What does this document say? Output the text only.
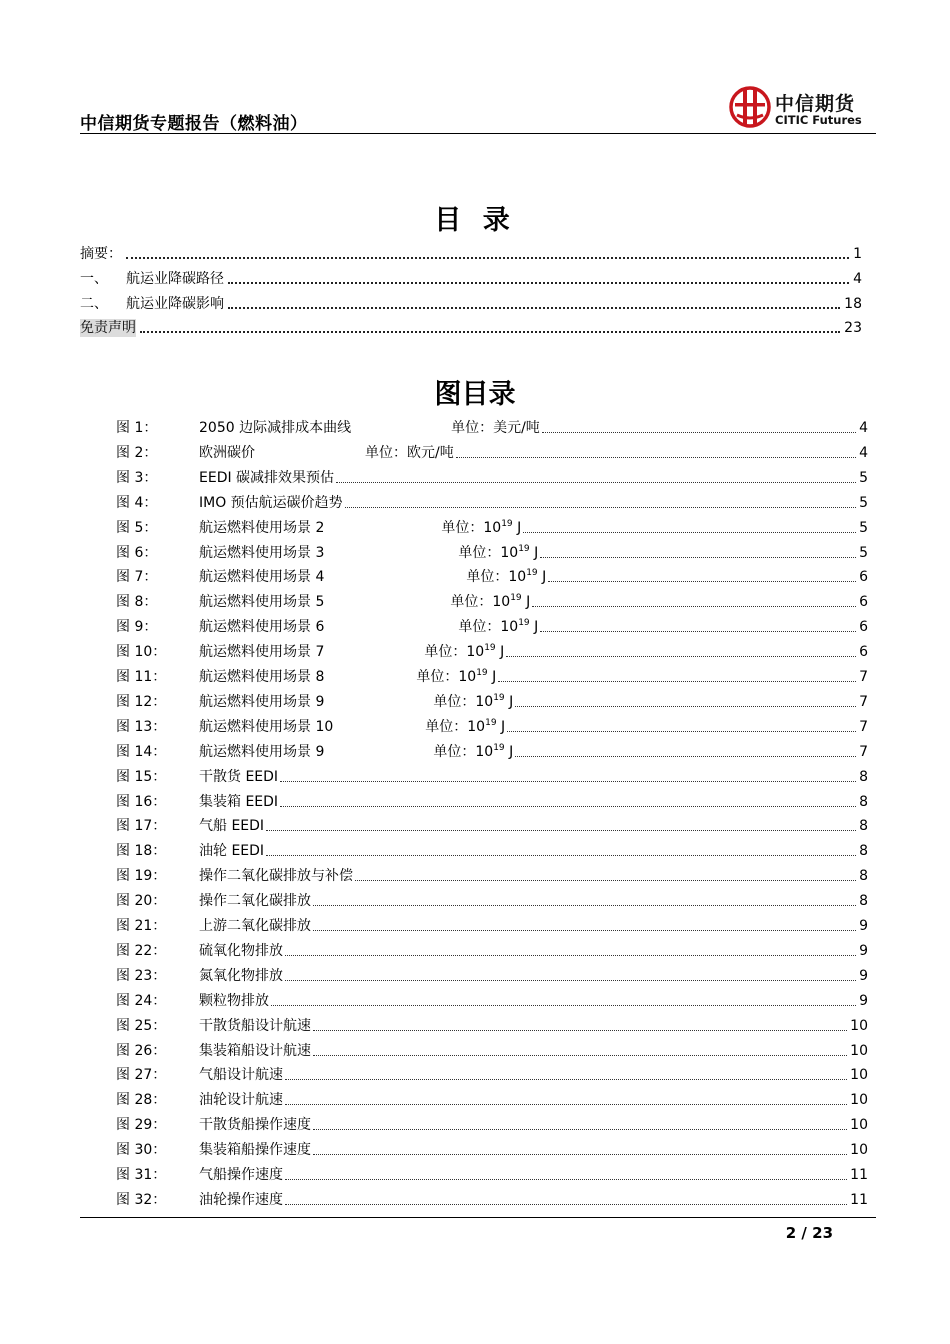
中信期货专题报告（燃料油）
中信期货
CITIC Futures
目 录
摘要：	1
一、	航运业降碳路径	4
二、	航运业降碳影响	18
免责声明	23
图目录
图 1：	2050 边际减排成本曲线	单位：美元/吨	4
图 2：	欧洲碳价	单位：欧元/吨	4
图 3：	EEDI 碳减排效果预估	5
图 4：	IMO 预估航运碳价趋势	5
图 5：	航运燃料使用场景 2	单位：$10^{19}$ J	5
图 6：	航运燃料使用场景 3	单位：$10^{19}$ J	5
图 7：	航运燃料使用场景 4	单位：$10^{19}$ J	6
图 8：	航运燃料使用场景 5	单位：$10^{19}$ J	6
图 9：	航运燃料使用场景 6	单位：$10^{19}$ J	6
图 10：	航运燃料使用场景 7	单位：$10^{19}$ J	6
图 11：	航运燃料使用场景 8	单位：$10^{19}$ J	7
图 12：	航运燃料使用场景 9	单位：$10^{19}$ J	7
图 13：	航运燃料使用场景 10	单位：$10^{19}$ J	7
图 14：	航运燃料使用场景 9	单位：$10^{19}$ J	7
图 15：	干散货 EEDI	8
图 16：	集装箱 EEDI	8
图 17：	气船 EEDI	8
图 18：	油轮 EEDI	8
图 19：	操作二氧化碳排放与补偿	8
图 20：	操作二氧化碳排放	8
图 21：	上游二氧化碳排放	9
图 22：	硫氧化物排放	9
图 23：	氮氧化物排放	9
图 24：	颗粒物排放	9
图 25：	干散货船设计航速	10
图 26：	集装箱船设计航速	10
图 27：	气船设计航速	10
图 28：	油轮设计航速	10
图 29：	干散货船操作速度	10
图 30：	集装箱船操作速度	10
图 31：	气船操作速度	11
图 32：	油轮操作速度	11
2 / 23
